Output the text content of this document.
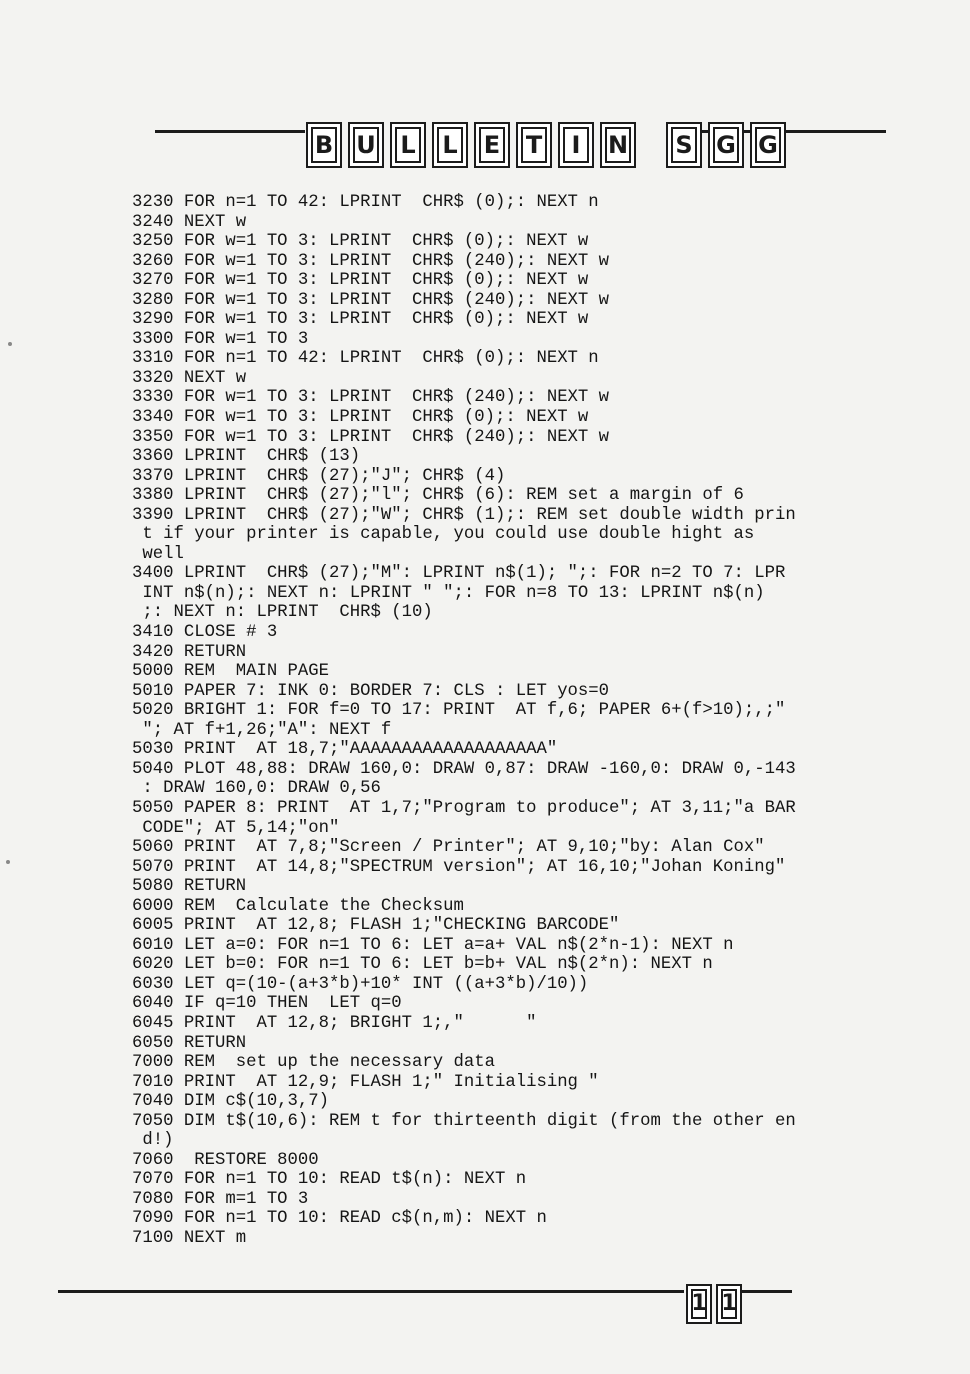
B U L L E T I N S G G
3230 FOR n=1 TO 42: LPRINT  CHR$ (0);: NEXT n
3240 NEXT w
3250 FOR w=1 TO 3: LPRINT  CHR$ (0);: NEXT w
3260 FOR w=1 TO 3: LPRINT  CHR$ (240);: NEXT w
3270 FOR w=1 TO 3: LPRINT  CHR$ (0);: NEXT w
3280 FOR w=1 TO 3: LPRINT  CHR$ (240);: NEXT w
3290 FOR w=1 TO 3: LPRINT  CHR$ (0);: NEXT w
3300 FOR w=1 TO 3
3310 FOR n=1 TO 42: LPRINT  CHR$ (0);: NEXT n
3320 NEXT w
3330 FOR w=1 TO 3: LPRINT  CHR$ (240);: NEXT w
3340 FOR w=1 TO 3: LPRINT  CHR$ (0);: NEXT w
3350 FOR w=1 TO 3: LPRINT  CHR$ (240);: NEXT w
3360 LPRINT  CHR$ (13)
3370 LPRINT  CHR$ (27);"J"; CHR$ (4)
3380 LPRINT  CHR$ (27);"l"; CHR$ (6): REM set a margin of 6
3390 LPRINT  CHR$ (27);"W"; CHR$ (1);: REM set double width prin
t if your printer is capable, you could use double hight as
well
3400 LPRINT  CHR$ (27);"M": LPRINT n$(1); ";: FOR n=2 TO 7: LPR
INT n$(n);: NEXT n: LPRINT " ";: FOR n=8 TO 13: LPRINT n$(n)
;: NEXT n: LPRINT  CHR$ (10)
3410 CLOSE # 3
3420 RETURN
5000 REM  MAIN PAGE
5010 PAPER 7: INK 0: BORDER 7: CLS : LET yos=0
5020 BRIGHT 1: FOR f=0 TO 17: PRINT  AT f,6; PAPER 6+(f>10);,;"
"; AT f+1,26;"A": NEXT f
5030 PRINT  AT 18,7;"AAAAAAAAAAAAAAAAAAA"
5040 PLOT 48,88: DRAW 160,0: DRAW 0,87: DRAW -160,0: DRAW 0,-143
: DRAW 160,0: DRAW 0,56
5050 PAPER 8: PRINT  AT 1,7;"Program to produce"; AT 3,11;"a BAR
CODE"; AT 5,14;"on"
5060 PRINT  AT 7,8;"Screen / Printer"; AT 9,10;"by: Alan Cox"
5070 PRINT  AT 14,8;"SPECTRUM version"; AT 16,10;"Johan Koning"
5080 RETURN
6000 REM  Calculate the Checksum
6005 PRINT  AT 12,8; FLASH 1;"CHECKING BARCODE"
6010 LET a=0: FOR n=1 TO 6: LET a=a+ VAL n$(2*n-1): NEXT n
6020 LET b=0: FOR n=1 TO 6: LET b=b+ VAL n$(2*n): NEXT n
6030 LET q=(10-(a+3*b)+10* INT ((a+3*b)/10))
6040 IF q=10 THEN  LET q=0
6045 PRINT  AT 12,8; BRIGHT 1;,"      "
6050 RETURN
7000 REM  set up the necessary data
7010 PRINT  AT 12,9; FLASH 1;" Initialising "
7040 DIM c$(10,3,7)
7050 DIM t$(10,6): REM t for thirteenth digit (from the other en
d!)
7060  RESTORE 8000
7070 FOR n=1 TO 10: READ t$(n): NEXT n
7080 FOR m=1 TO 3
7090 FOR n=1 TO 10: READ c$(n,m): NEXT n
7100 NEXT m
1 1
